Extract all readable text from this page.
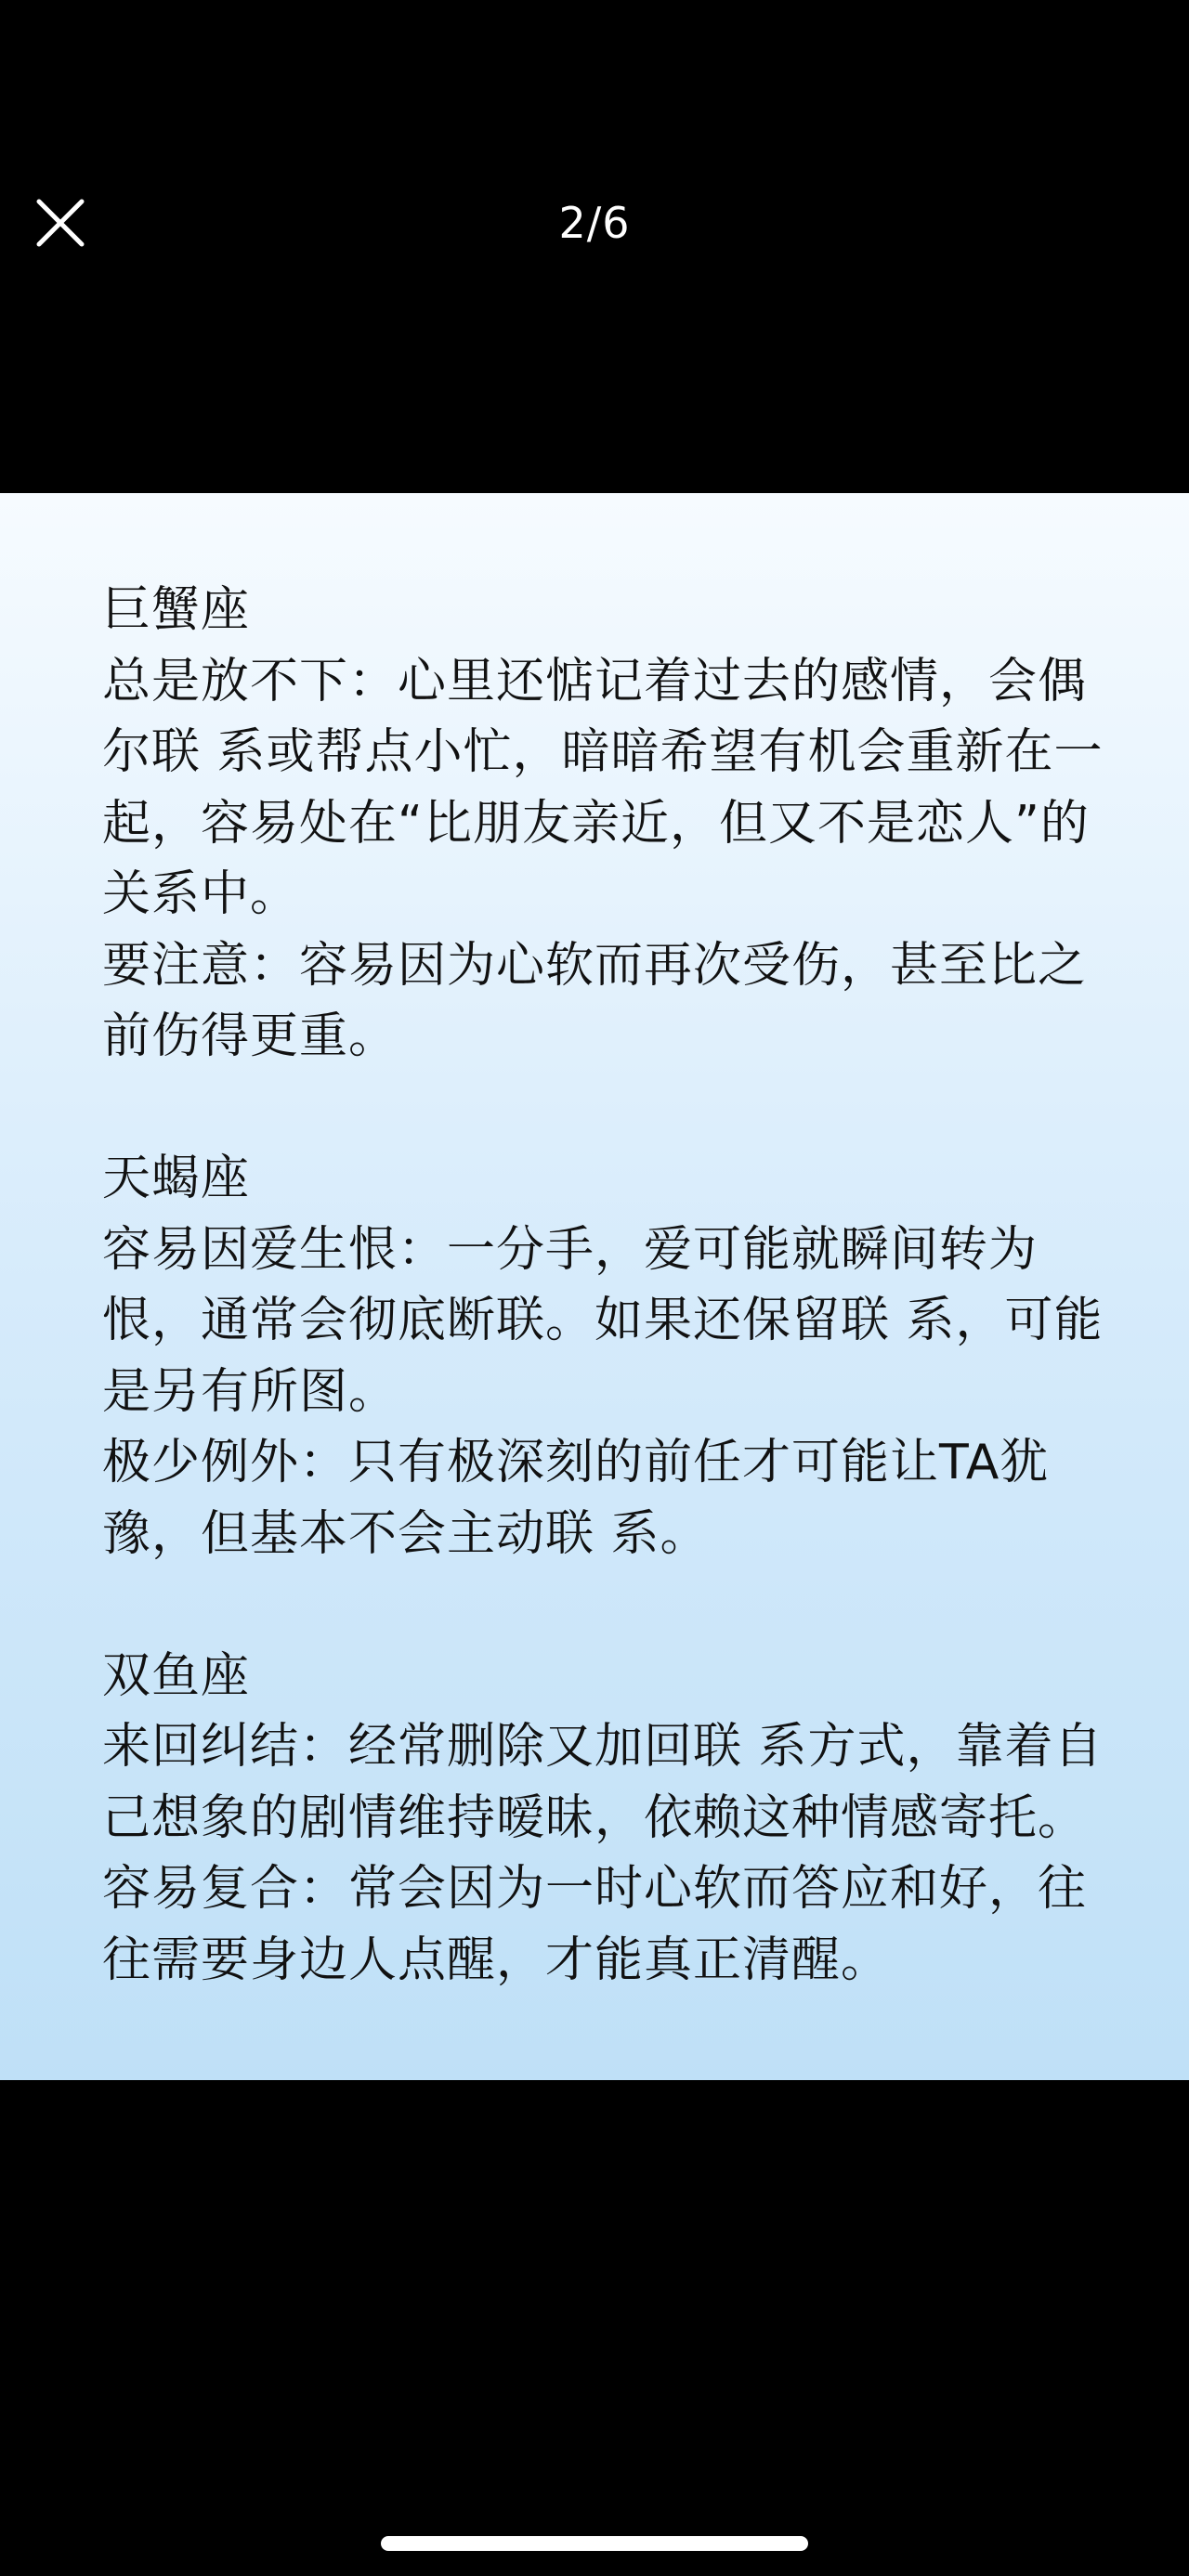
2/6
巨蟹座
总是放不下：心里还惦记着过去的感情，会偶尔联 系或帮点小忙，暗暗希望有机会重新在一起，容易处在“比朋友亲近，但又不是恋人”的关系中。
要注意：容易因为心软而再次受伤，甚至比之前伤得更重。
天蝎座
容易因爱生恨：一分手，爱可能就瞬间转为恨，通常会彻底断联。如果还保留联 系，可能是另有所图。
极少例外：只有极深刻的前任才可能让TA犹豫，但基本不会主动联 系。
双鱼座
来回纠结：经常删除又加回联 系方式，靠着自己想象的剧情维持暧昧，依赖这种情感寄托。
容易复合：常会因为一时心软而答应和好，往往需要身边人点醒，才能真正清醒。
